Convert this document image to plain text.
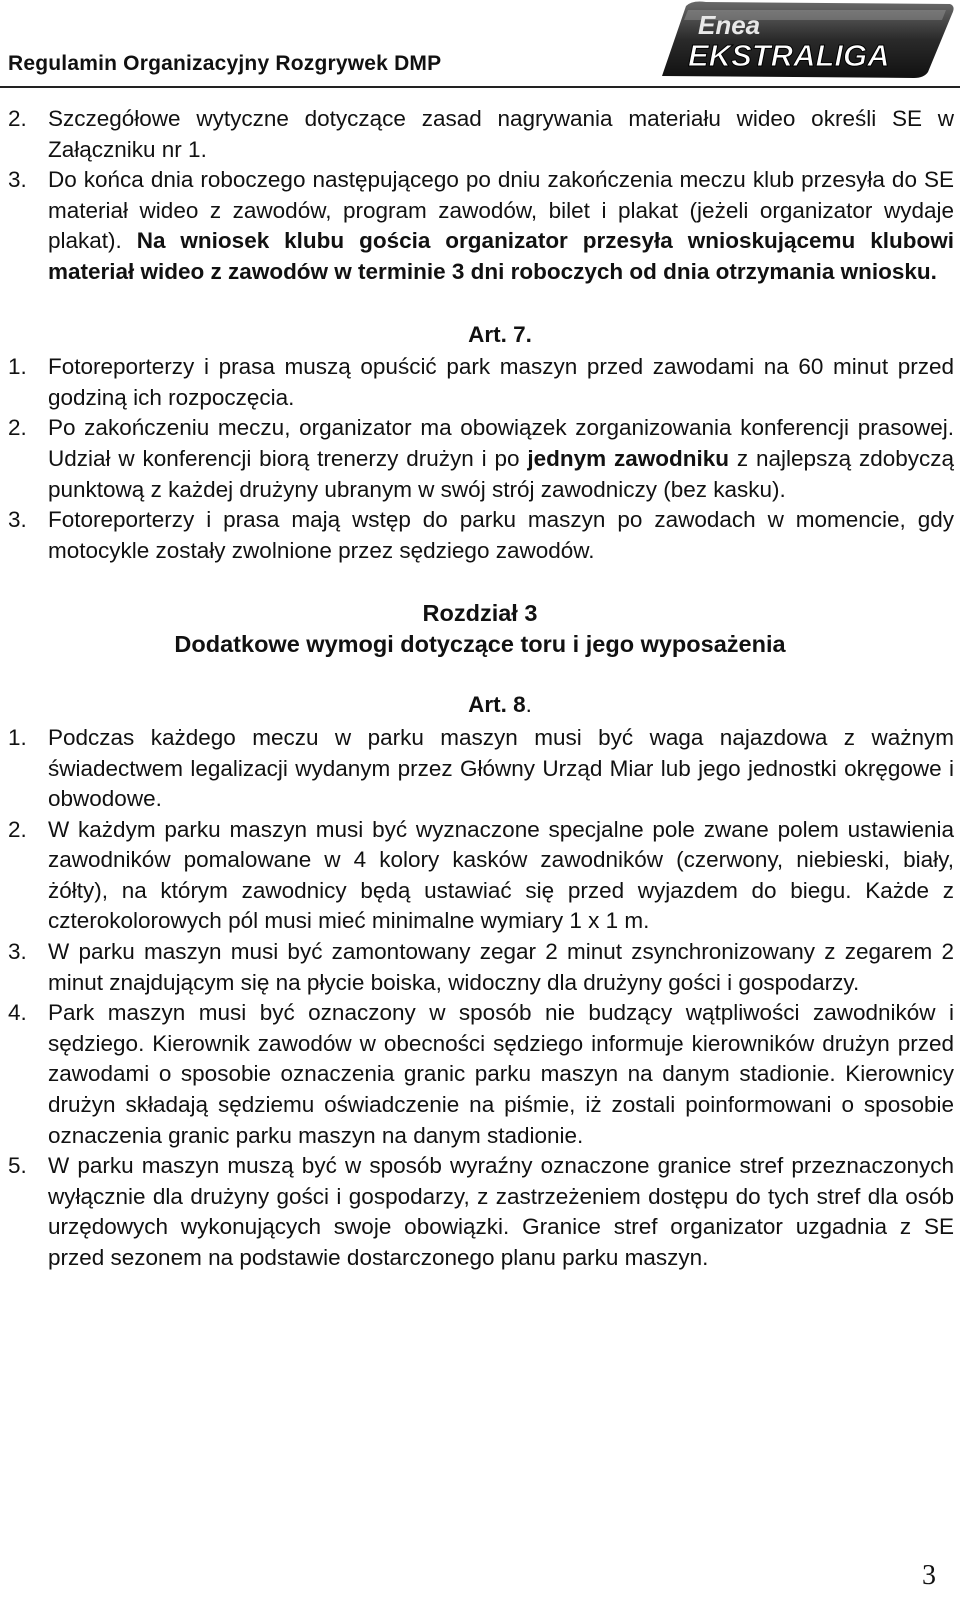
Regulamin Organizacyjny Rozgrywek DMP
Enea
EKSTRALIGA
2. Szczegółowe wytyczne dotyczące zasad nagrywania materiału wideo określi SE w Załączniku nr 1.
3. Do końca dnia roboczego następującego po dniu zakończenia meczu klub przesyła do SE materiał wideo z zawodów, program zawodów, bilet i plakat (jeżeli organizator wydaje plakat). Na wniosek klubu gościa organizator przesyła wnioskującemu klubowi materiał wideo z zawodów w terminie 3 dni roboczych od dnia otrzymania wniosku.
Art. 7.
1. Fotoreporterzy i prasa muszą opuścić park maszyn przed zawodami na 60 minut przed godziną ich rozpoczęcia.
2. Po zakończeniu meczu, organizator ma obowiązek zorganizowania konferencji prasowej. Udział w konferencji biorą trenerzy drużyn i po jednym zawodniku z najlepszą zdobyczą punktową z każdej drużyny ubranym w swój strój zawodniczy (bez kasku).
3. Fotoreporterzy i prasa mają wstęp do parku maszyn po zawodach w momencie, gdy motocykle zostały zwolnione przez sędziego zawodów.
Rozdział 3
Dodatkowe wymogi dotyczące toru i jego wyposażenia
Art. 8.
1. Podczas każdego meczu w parku maszyn musi być waga najazdowa z ważnym świadectwem legalizacji wydanym przez Główny Urząd Miar lub jego jednostki okręgowe i obwodowe.
2. W każdym parku maszyn musi być wyznaczone specjalne pole zwane polem ustawienia zawodników pomalowane w 4 kolory kasków zawodników (czerwony, niebieski, biały, żółty), na którym zawodnicy będą ustawiać się przed wyjazdem do biegu. Każde z czterokolorowych pól musi mieć minimalne wymiary 1 x 1 m.
3. W parku maszyn musi być zamontowany zegar 2 minut zsynchronizowany z zegarem 2 minut znajdującym się na płycie boiska, widoczny dla drużyny gości i gospodarzy.
4. Park maszyn musi być oznaczony w sposób nie budzący wątpliwości zawodników i sędziego. Kierownik zawodów w obecności sędziego informuje kierowników drużyn przed zawodami o sposobie oznaczenia granic parku maszyn na danym stadionie. Kierownicy drużyn składają sędziemu oświadczenie na piśmie, iż zostali poinformowani o sposobie oznaczenia granic parku maszyn na danym stadionie.
5. W parku maszyn muszą być w sposób wyraźny oznaczone granice stref przeznaczonych wyłącznie dla drużyny gości i gospodarzy, z zastrzeżeniem dostępu do tych stref dla osób urzędowych wykonujących swoje obowiązki. Granice stref organizator uzgadnia z SE przed sezonem na podstawie dostarczonego planu parku maszyn.
3
